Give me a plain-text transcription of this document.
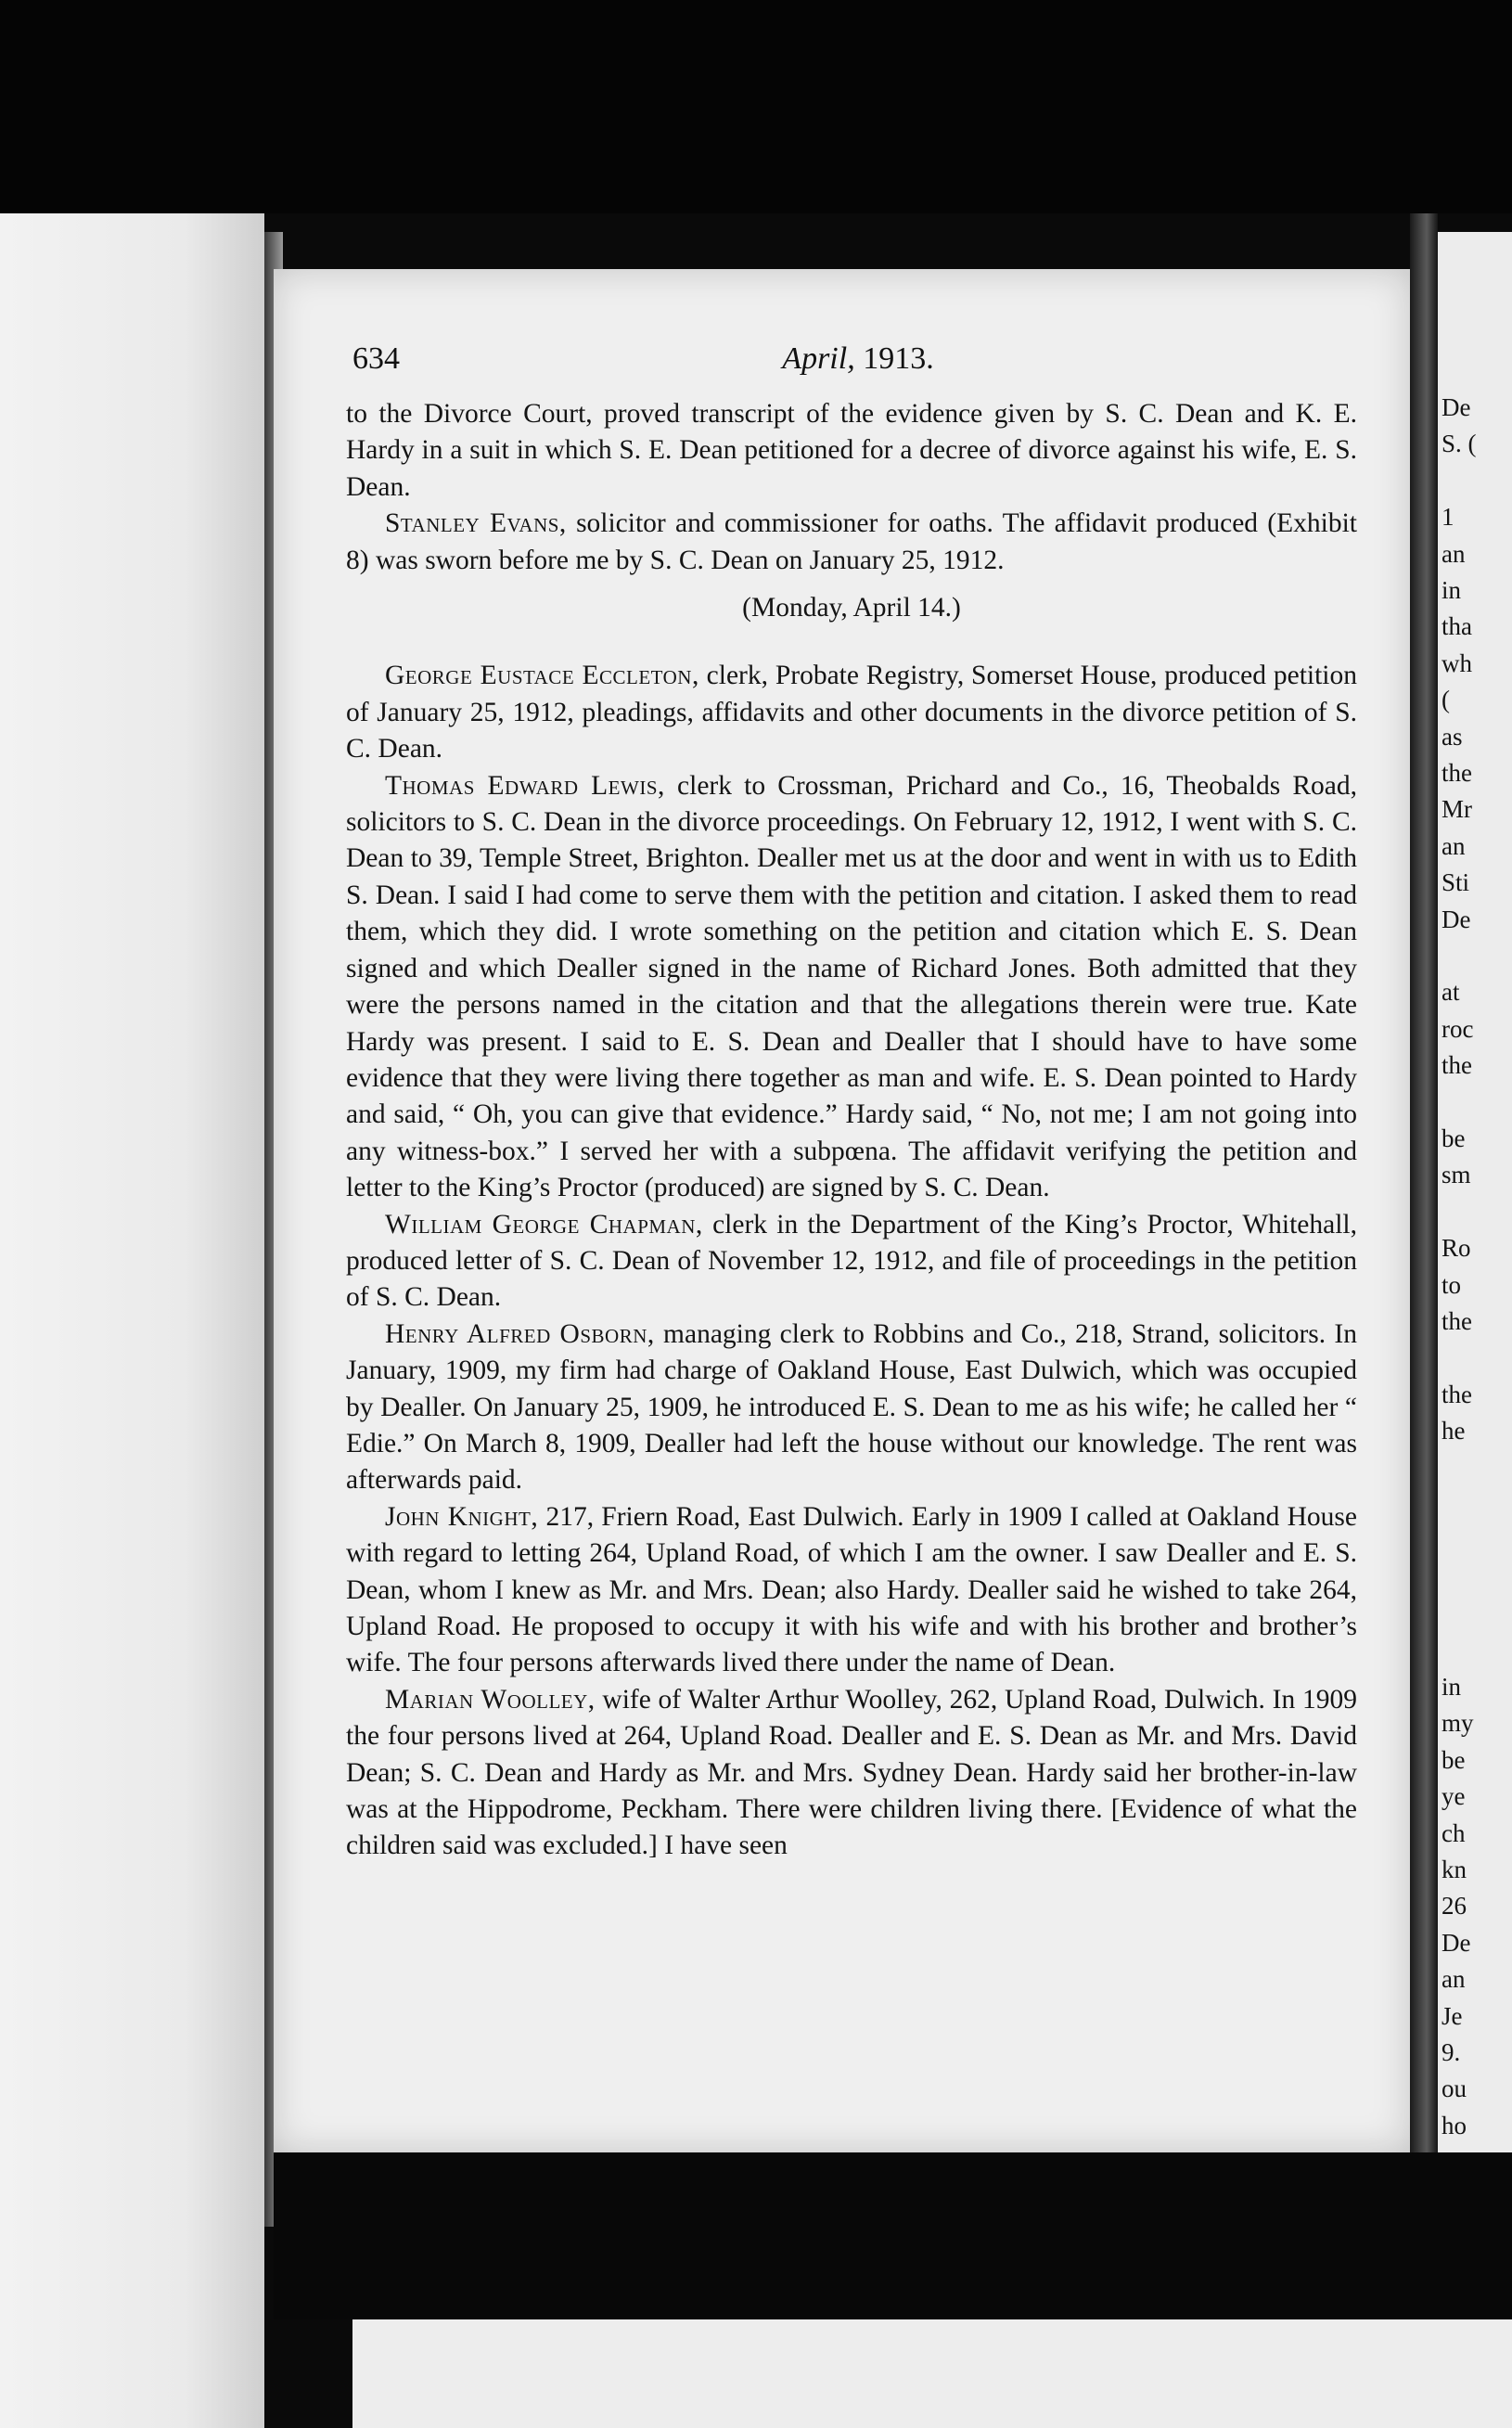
634	April, 1913.

to the Divorce Court, proved transcript of the evidence given by S. C. Dean and K. E. Hardy in a suit in which S. E. Dean petitioned for a decree of divorce against his wife, E. S. Dean.

Stanley Evans, solicitor and commissioner for oaths. The affidavit produced (Exhibit 8) was sworn before me by S. C. Dean on January 25, 1912.

(Monday, April 14.)

George Eustace Eccleton, clerk, Probate Registry, Somerset House, produced petition of January 25, 1912, pleadings, affidavits and other documents in the divorce petition of S. C. Dean.

Thomas Edward Lewis, clerk to Crossman, Prichard and Co., 16, Theobalds Road, solicitors to S. C. Dean in the divorce proceedings. On February 12, 1912, I went with S. C. Dean to 39, Temple Street, Brighton. Dealler met us at the door and went in with us to Edith S. Dean. I said I had come to serve them with the petition and citation. I asked them to read them, which they did. I wrote something on the petition and citation which E. S. Dean signed and which Dealler signed in the name of Richard Jones. Both admitted that they were the persons named in the citation and that the allegations therein were true. Kate Hardy was present. I said to E. S. Dean and Dealler that I should have to have some evidence that they were living there together as man and wife. E. S. Dean pointed to Hardy and said, “ Oh, you can give that evidence.” Hardy said, “ No, not me; I am not going into any witness-box.” I served her with a subpœna. The affidavit verifying the petition and letter to the King’s Proctor (produced) are signed by S. C. Dean.

William George Chapman, clerk in the Department of the King’s Proctor, Whitehall, produced letter of S. C. Dean of November 12, 1912, and file of proceedings in the petition of S. C. Dean.

Henry Alfred Osborn, managing clerk to Robbins and Co., 218, Strand, solicitors. In January, 1909, my firm had charge of Oakland House, East Dulwich, which was occupied by Dealler. On January 25, 1909, he introduced E. S. Dean to me as his wife; he called her “ Edie.” On March 8, 1909, Dealler had left the house without our knowledge. The rent was afterwards paid.

John Knight, 217, Friern Road, East Dulwich. Early in 1909 I called at Oakland House with regard to letting 264, Upland Road, of which I am the owner. I saw Dealler and E. S. Dean, whom I knew as Mr. and Mrs. Dean; also Hardy. Dealler said he wished to take 264, Upland Road. He proposed to occupy it with his wife and with his brother and brother’s wife. The four persons afterwards lived there under the name of Dean.

Marian Woolley, wife of Walter Arthur Woolley, 262, Upland Road, Dulwich. In 1909 the four persons lived at 264, Upland Road. Dealler and E. S. Dean as Mr. and Mrs. David Dean; S. C. Dean and Hardy as Mr. and Mrs. Sydney Dean. Hardy said her brother-in-law was at the Hippodrome, Peckham. There were children living there. [Evidence of what the children said was excluded.] I have seen

De
S. (
1
an
in
tha
wh
(
as
the
Mr
an
Sti
De
at
roc
the
be
sm
Ro
to
the
the
he
in
my
be
ye
ch
kn
26
De
an
Je
9.
ou
ho
